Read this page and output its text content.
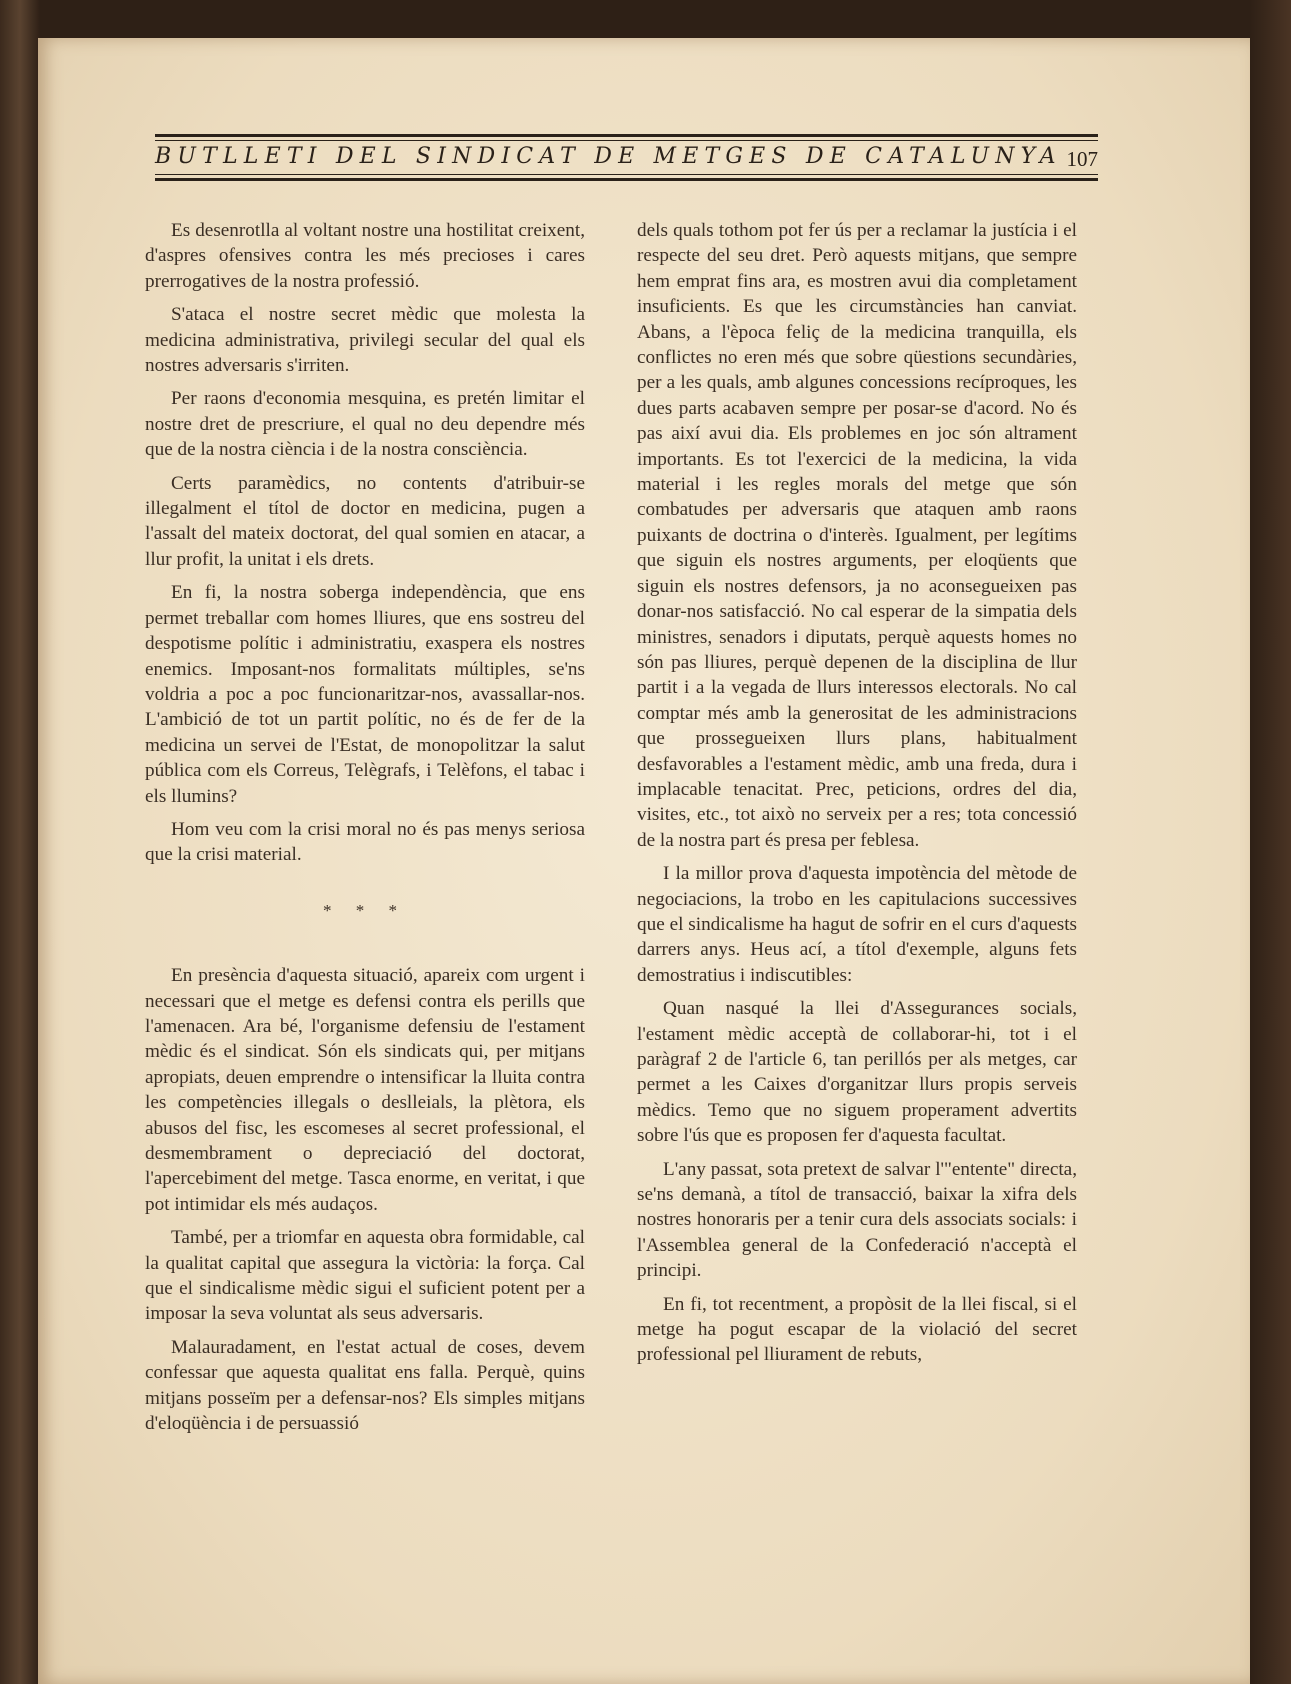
BUTLLETI DEL SINDICAT DE METGES DE CATALUNYA 107

Es desenrotlla al voltant nostre una hostilitat creixent, d'aspres ofensives contra les més precioses i cares prerrogatives de la nostra professió.

S'ataca el nostre secret mèdic que molesta la medicina administrativa, privilegi secular del qual els nostres adversaris s'irriten.

Per raons d'economia mesquina, es pretén limitar el nostre dret de prescriure, el qual no deu dependre més que de la nostra ciència i de la nostra consciència.

Certs paramèdics, no contents d'atribuir-se illegalment el títol de doctor en medicina, pugen a l'assalt del mateix doctorat, del qual somien en atacar, a llur profit, la unitat i els drets.

En fi, la nostra soberga independència, que ens permet treballar com homes lliures, que ens sostreu del despotisme polític i administratiu, exaspera els nostres enemics. Imposant-nos formalitats múltiples, se'ns voldria a poc a poc funcionaritzar-nos, avassallar-nos. L'ambició de tot un partit polític, no és de fer de la medicina un servei de l'Estat, de monopolitzar la salut pública com els Correus, Telègrafs, i Telèfons, el tabac i els llumins?

Hom veu com la crisi moral no és pas menys seriosa que la crisi material.

* * *

En presència d'aquesta situació, apareix com urgent i necessari que el metge es defensi contra els perills que l'amenacen. Ara bé, l'organisme defensiu de l'estament mèdic és el sindicat. Són els sindicats qui, per mitjans apropiats, deuen emprendre o intensificar la lluita contra les competències illegals o deslleials, la plètora, els abusos del fisc, les escomeses al secret professional, el desmembrament o depreciació del doctorat, l'apercebiment del metge. Tasca enorme, en veritat, i que pot intimidar els més audaços.

També, per a triomfar en aquesta obra formidable, cal la qualitat capital que assegura la victòria: la força. Cal que el sindicalisme mèdic sigui el suficient potent per a imposar la seva voluntat als seus adversaris.

Malauradament, en l'estat actual de coses, devem confessar que aquesta qualitat ens falla. Perquè, quins mitjans posseïm per a defensar-nos? Els simples mitjans d'eloqüència i de persuassió

dels quals tothom pot fer ús per a reclamar la justícia i el respecte del seu dret. Però aquests mitjans, que sempre hem emprat fins ara, es mostren avui dia completament insuficients. Es que les circumstàncies han canviat. Abans, a l'època feliç de la medicina tranquilla, els conflictes no eren més que sobre qüestions secundàries, per a les quals, amb algunes concessions recíproques, les dues parts acabaven sempre per posar-se d'acord. No és pas així avui dia. Els problemes en joc són altrament importants. Es tot l'exercici de la medicina, la vida material i les regles morals del metge que són combatudes per adversaris que ataquen amb raons puixants de doctrina o d'interès. Igualment, per legítims que siguin els nostres arguments, per eloqüents que siguin els nostres defensors, ja no aconsegueixen pas donar-nos satisfacció. No cal esperar de la simpatia dels ministres, senadors i diputats, perquè aquests homes no són pas lliures, perquè depenen de la disciplina de llur partit i a la vegada de llurs interessos electorals. No cal comptar més amb la generositat de les administracions que prossegueixen llurs plans, habitualment desfavorables a l'estament mèdic, amb una freda, dura i implacable tenacitat. Prec, peticions, ordres del dia, visites, etc., tot això no serveix per a res; tota concessió de la nostra part és presa per feblesa.

I la millor prova d'aquesta impotència del mètode de negociacions, la trobo en les capitulacions successives que el sindicalisme ha hagut de sofrir en el curs d'aquests darrers anys. Heus ací, a títol d'exemple, alguns fets demostratius i indiscutibles:

Quan nasqué la llei d'Assegurances socials, l'estament mèdic acceptà de collaborar-hi, tot i el paràgraf 2 de l'article 6, tan perillós per als metges, car permet a les Caixes d'organitzar llurs propis serveis mèdics. Temo que no siguem properament advertits sobre l'ús que es proposen fer d'aquesta facultat.

L'any passat, sota pretext de salvar l'"entente" directa, se'ns demanà, a títol de transacció, baixar la xifra dels nostres honoraris per a tenir cura dels associats socials: i l'Assemblea general de la Confederació n'acceptà el principi.

En fi, tot recentment, a propòsit de la llei fiscal, si el metge ha pogut escapar de la violació del secret professional pel lliurament de rebuts,
